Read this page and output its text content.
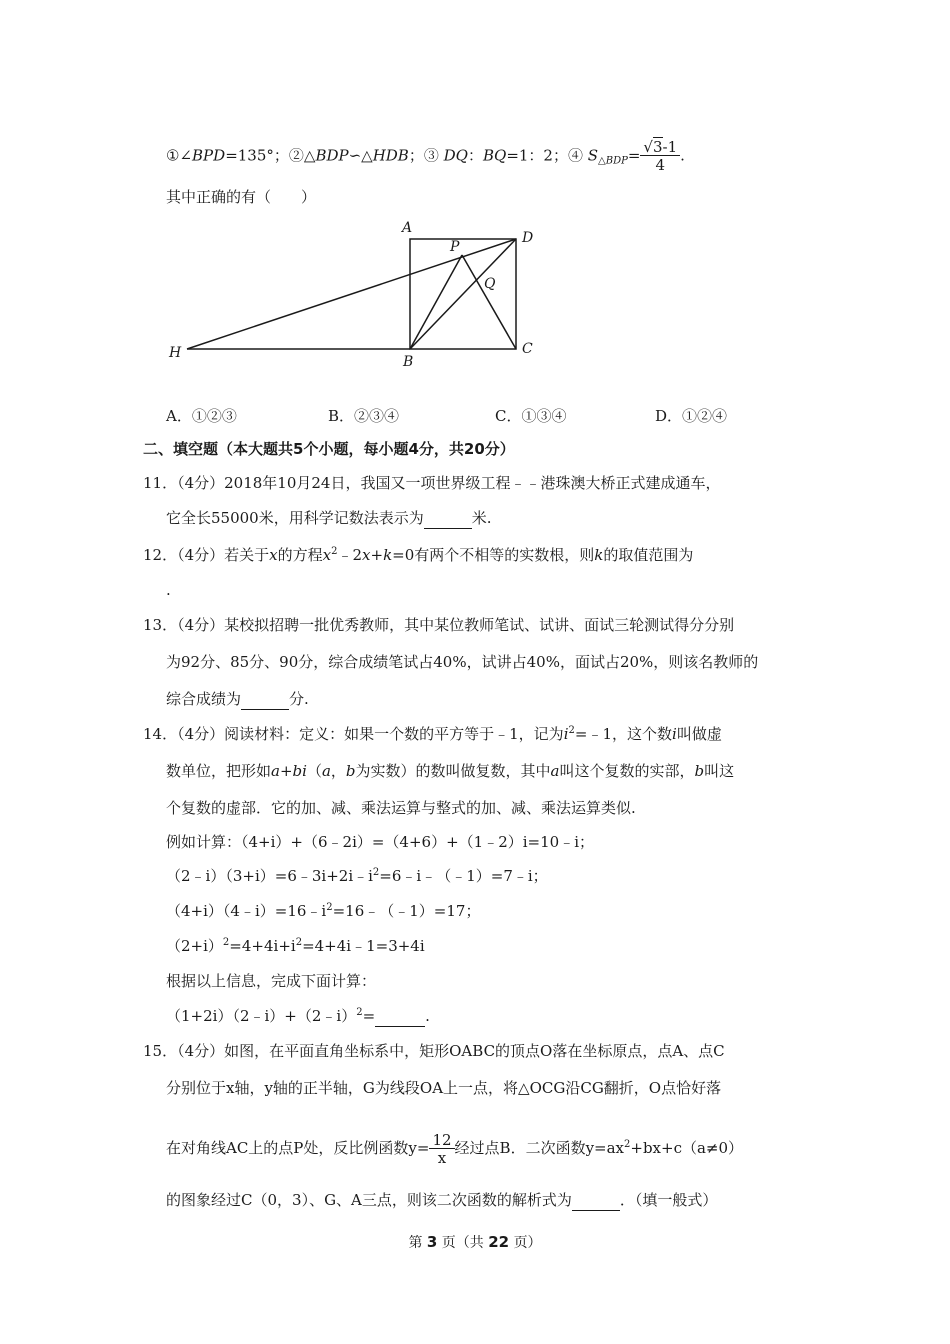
①∠BPD=135°；②△BDP∽△HDB；③ DQ：BQ=1：2；④ $S_{\triangle BDP}= \frac{√3-1}{4}$ .
其中正确的有（　　）
A
D
P
Q
H
B
C
A．①②③	B．②③④	C．①③④	D．①②④
二、填空题（本大题共5个小题，每小题4分，共20分）
11．（4分）2018年10月24日，我国又一项世界级工程﹣﹣港珠澳大桥正式建成通车，
它全长55000米，用科学记数法表示为	米.
12．（4分）若关于x的方程$x^2﹣2x+k=0$有两个不相等的实数根，则k的取值范围为
.
13．（4分）某校拟招聘一批优秀教师，其中某位教师笔试、试讲、面试三轮测试得分分别
为92分、85分、90分，综合成绩笔试占40%，试讲占40%，面试占20%，则该名教师的
综合成绩为	分.
14．（4分）阅读材料：定义：如果一个数的平方等于﹣1，记为$i^2=﹣1$，这个数i叫做虚
数单位，把形如a+bi（a，b为实数）的数叫做复数，其中a叫这个复数的实部，b叫这
个复数的虚部．它的加、减、乘法运算与整式的加、减、乘法运算类似.
例如计算：（4+i）+（6﹣2i）=（4+6）+（1﹣2）i=10﹣i；
$(2﹣i)(3+i)=6﹣3i+2i﹣i^2=6﹣i﹣(﹣1)=7﹣i$；
$(4+i)(4﹣i)=16﹣i^2=16﹣(﹣1)=17$；
$(2+i)^2=4+4i+i^2=4+4i﹣1=3+4i$
根据以上信息，完成下面计算：
（1+2i）（2﹣i）+（2﹣i）$^2$=	.
15．（4分）如图，在平面直角坐标系中，矩形OABC的顶点O落在坐标原点，点A、点C
分别位于x轴，y轴的正半轴，G为线段OA上一点，将△OCG沿CG翻折，O点恰好落
在对角线AC上的点P处，反比例函数$y= \frac{12}{x}$ 经过点B．二次函数$y=ax^2+bx+c(a\ne 0)$
的图象经过C（0，3）、G、A三点，则该二次函数的解析式为	．（填一般式）
第 3 页（共 22 页）
